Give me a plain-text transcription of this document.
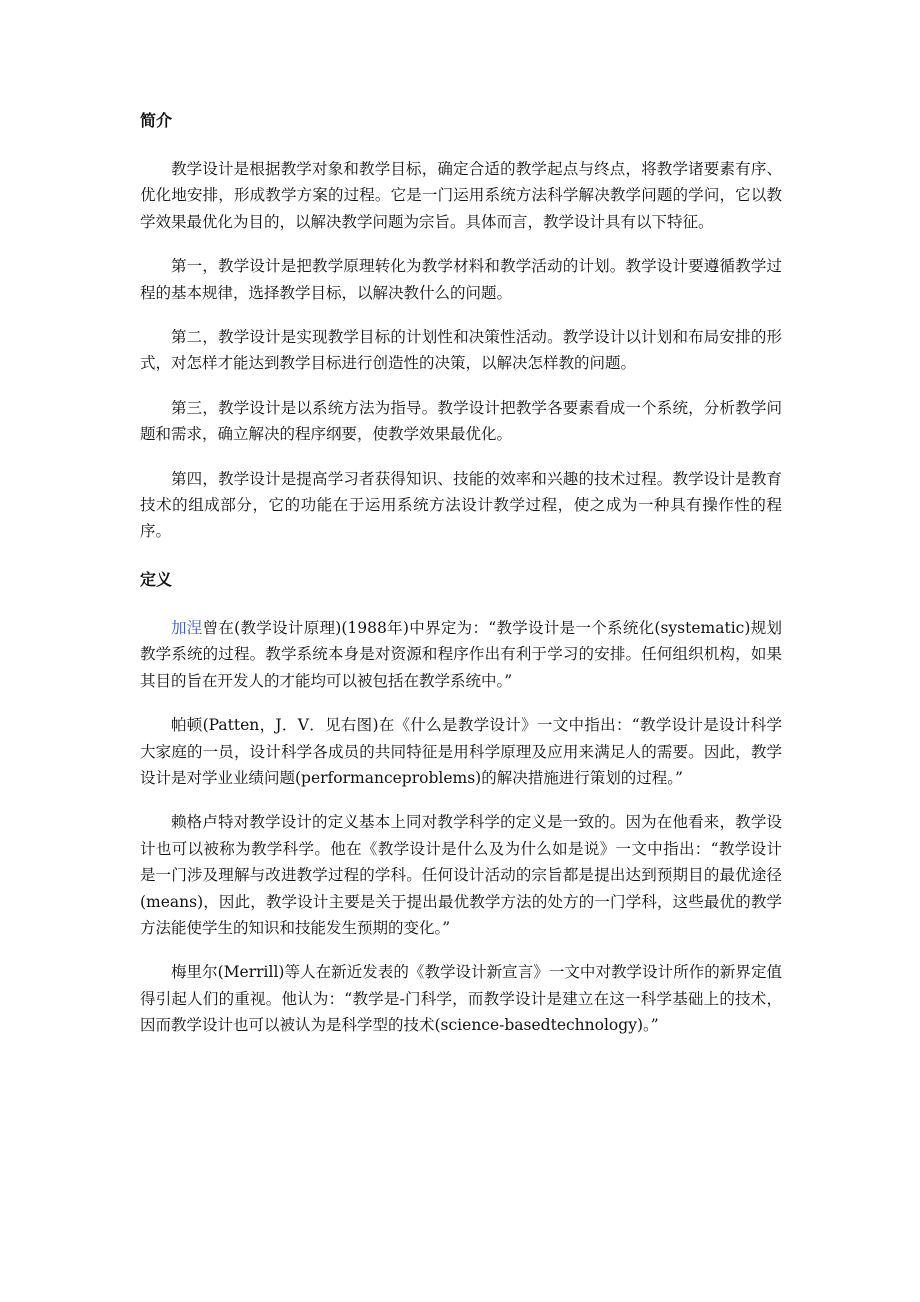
简介

教学设计是根据教学对象和教学目标，确定合适的教学起点与终点，将教学诸要素有序、优化地安排，形成教学方案的过程。它是一门运用系统方法科学解决教学问题的学问，它以教学效果最优化为目的，以解决教学问题为宗旨。具体而言，教学设计具有以下特征。

第一，教学设计是把教学原理转化为教学材料和教学活动的计划。教学设计要遵循教学过程的基本规律，选择教学目标，以解决教什么的问题。

第二，教学设计是实现教学目标的计划性和决策性活动。教学设计以计划和布局安排的形式，对怎样才能达到教学目标进行创造性的决策，以解决怎样教的问题。

第三，教学设计是以系统方法为指导。教学设计把教学各要素看成一个系统，分析教学问题和需求，确立解决的程序纲要，使教学效果最优化。

第四，教学设计是提高学习者获得知识、技能的效率和兴趣的技术过程。教学设计是教育技术的组成部分，它的功能在于运用系统方法设计教学过程，使之成为一种具有操作性的程序。

定义

加涅曾在(教学设计原理)(1988年)中界定为：“教学设计是一个系统化(systematic)规划教学系统的过程。教学系统本身是对资源和程序作出有利于学习的安排。任何组织机构，如果其目的旨在开发人的才能均可以被包括在教学系统中。”

帕顿(Patten，J．V．见右图)在《什么是教学设计》一文中指出：“教学设计是设计科学大家庭的一员，设计科学各成员的共同特征是用科学原理及应用来满足人的需要。因此，教学设计是对学业业绩问题(performanceproblems)的解决措施进行策划的过程。”

赖格卢特对教学设计的定义基本上同对教学科学的定义是一致的。因为在他看来，教学设计也可以被称为教学科学。他在《教学设计是什么及为什么如是说》一文中指出：“教学设计是一门涉及理解与改进教学过程的学科。任何设计活动的宗旨都是提出达到预期目的最优途径(means)，因此，教学设计主要是关于提出最优教学方法的处方的一门学科，这些最优的教学方法能使学生的知识和技能发生预期的变化。”

梅里尔(Merrill)等人在新近发表的《教学设计新宣言》一文中对教学设计所作的新界定值得引起人们的重视。他认为：“教学是-门科学，而教学设计是建立在这一科学基础上的技术，因而教学设计也可以被认为是科学型的技术(science-basedtechnology)。”
